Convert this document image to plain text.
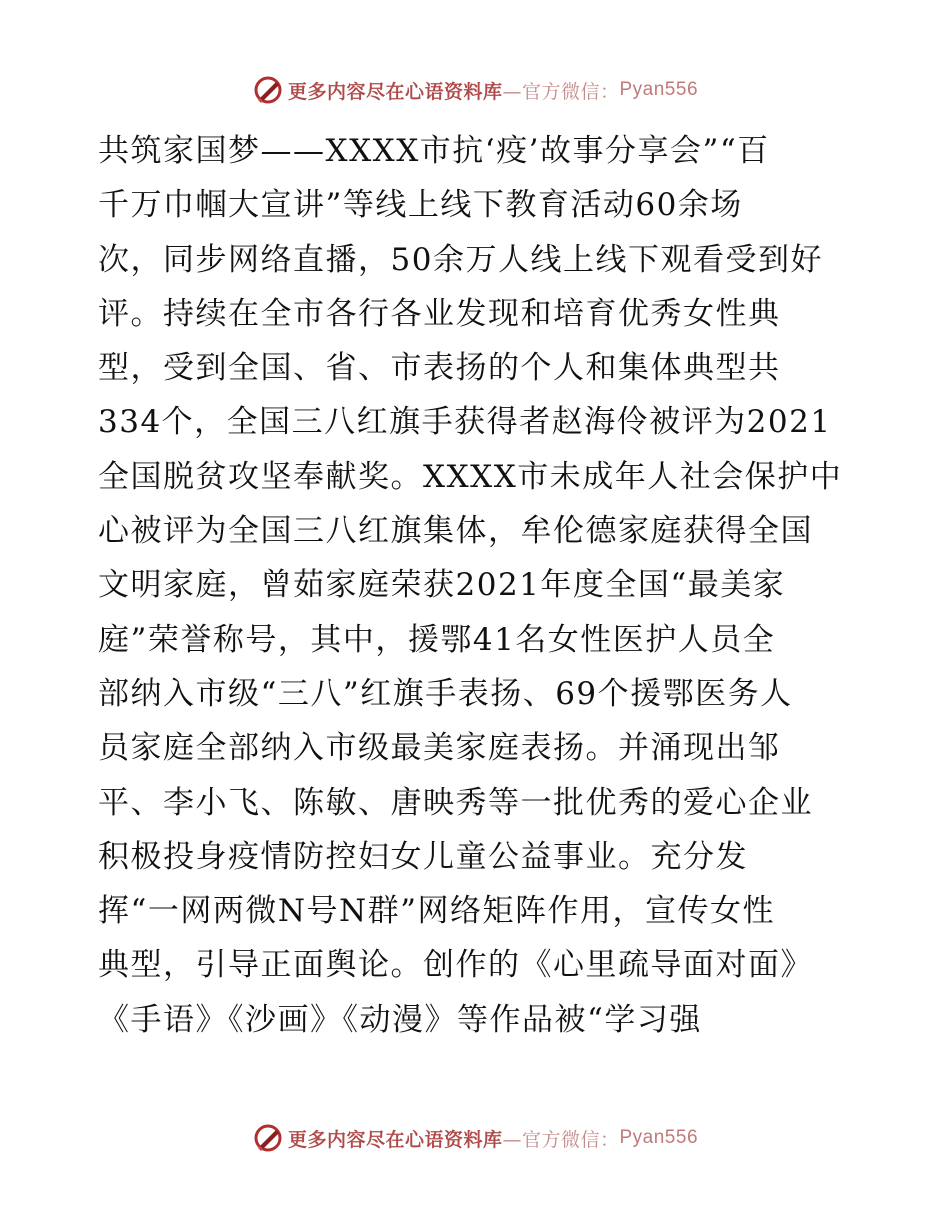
更多内容尽在心语资料库 —官方微信： Pyan556
共筑家国梦——XXXX市抗‘疫’故事分享会”“百
千万巾帼大宣讲”等线上线下教育活动60余场
次，同步网络直播，50余万人线上线下观看受到好
评。持续在全市各行各业发现和培育优秀女性典
型，受到全国、省、市表扬的个人和集体典型共
334个，全国三八红旗手获得者赵海伶被评为2021
全国脱贫攻坚奉献奖。XXXX市未成年人社会保护中
心被评为全国三八红旗集体，牟伦德家庭获得全国
文明家庭，曾茹家庭荣获2021年度全国“最美家
庭”荣誉称号，其中，援鄂41名女性医护人员全
部纳入市级“三八”红旗手表扬、69个援鄂医务人
员家庭全部纳入市级最美家庭表扬。并涌现出邹
平、李小飞、陈敏、唐映秀等一批优秀的爱心企业
积极投身疫情防控妇女儿童公益事业。充分发
挥“一网两微N号N群”网络矩阵作用，宣传女性
典型，引导正面舆论。创作的《心里疏导面对面》
《手语》《沙画》《动漫》等作品被“学习强
更多内容尽在心语资料库 —官方微信： Pyan556
